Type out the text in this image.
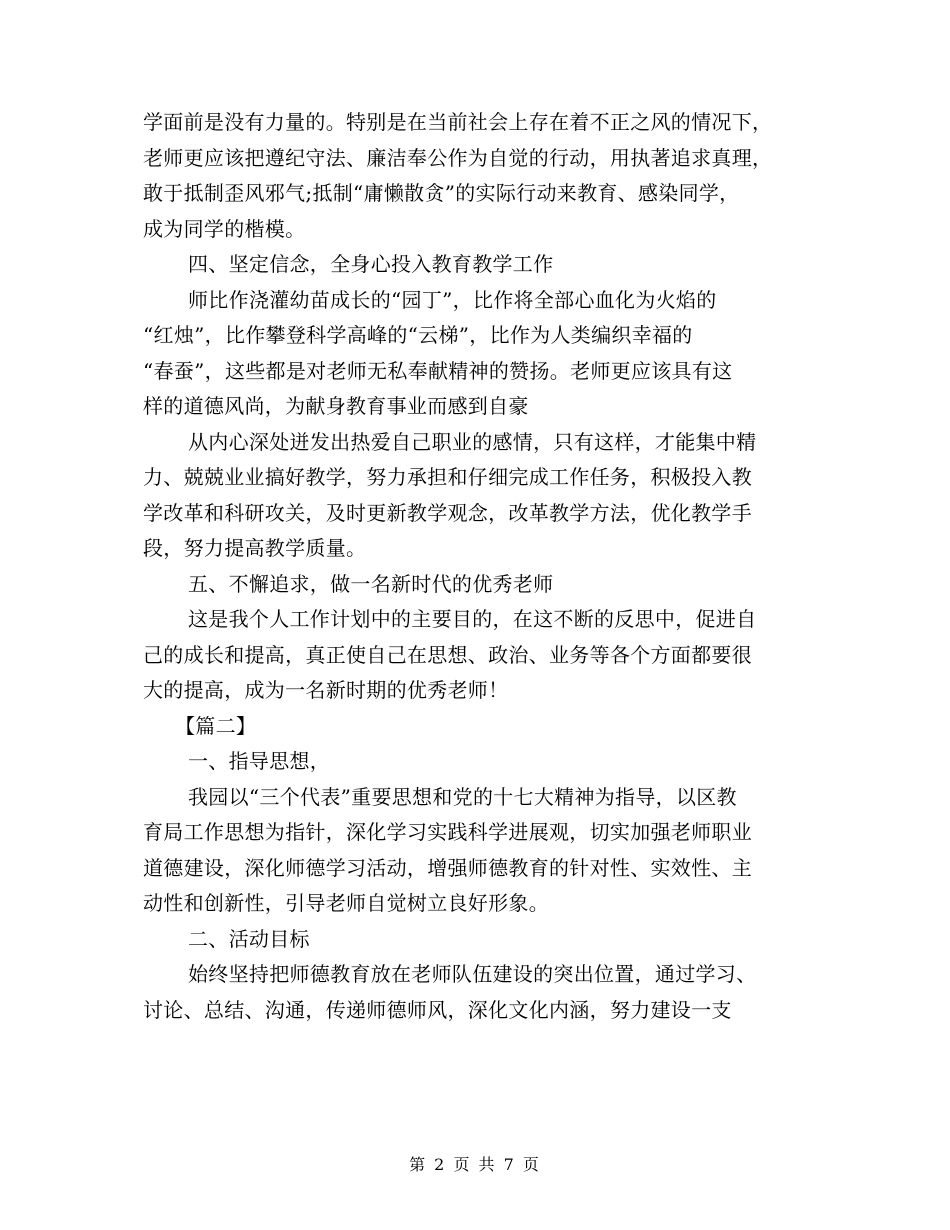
学面前是没有力量的。特别是在当前社会上存在着不正之风的情况下，
老师更应该把遵纪守法、廉洁奉公作为自觉的行动，用执著追求真理，
敢于抵制歪风邪气;抵制“庸懒散贪”的实际行动来教育、感染同学，
成为同学的楷模。
四、坚定信念，全身心投入教育教学工作
师比作浇灌幼苗成长的“园丁”，比作将全部心血化为火焰的
“红烛”，比作攀登科学高峰的“云梯”，比作为人类编织幸福的
“春蚕”，这些都是对老师无私奉献精神的赞扬。老师更应该具有这
样的道德风尚，为献身教育事业而感到自豪
从内心深处迸发出热爱自己职业的感情，只有这样，才能集中精
力、兢兢业业搞好教学，努力承担和仔细完成工作任务，积极投入教
学改革和科研攻关，及时更新教学观念，改革教学方法，优化教学手
段，努力提高教学质量。
五、不懈追求，做一名新时代的优秀老师
这是我个人工作计划中的主要目的，在这不断的反思中，促进自
己的成长和提高，真正使自己在思想、政治、业务等各个方面都要很
大的提高，成为一名新时期的优秀老师！
【篇二】
一、指导思想，
我园以“三个代表”重要思想和党的十七大精神为指导，以区教
育局工作思想为指针，深化学习实践科学进展观，切实加强老师职业
道德建设，深化师德学习活动，增强师德教育的针对性、实效性、主
动性和创新性，引导老师自觉树立良好形象。
二、活动目标
始终坚持把师德教育放在老师队伍建设的突出位置，通过学习、
讨论、总结、沟通，传递师德师风，深化文化内涵，努力建设一支
第 2 页 共 7 页
